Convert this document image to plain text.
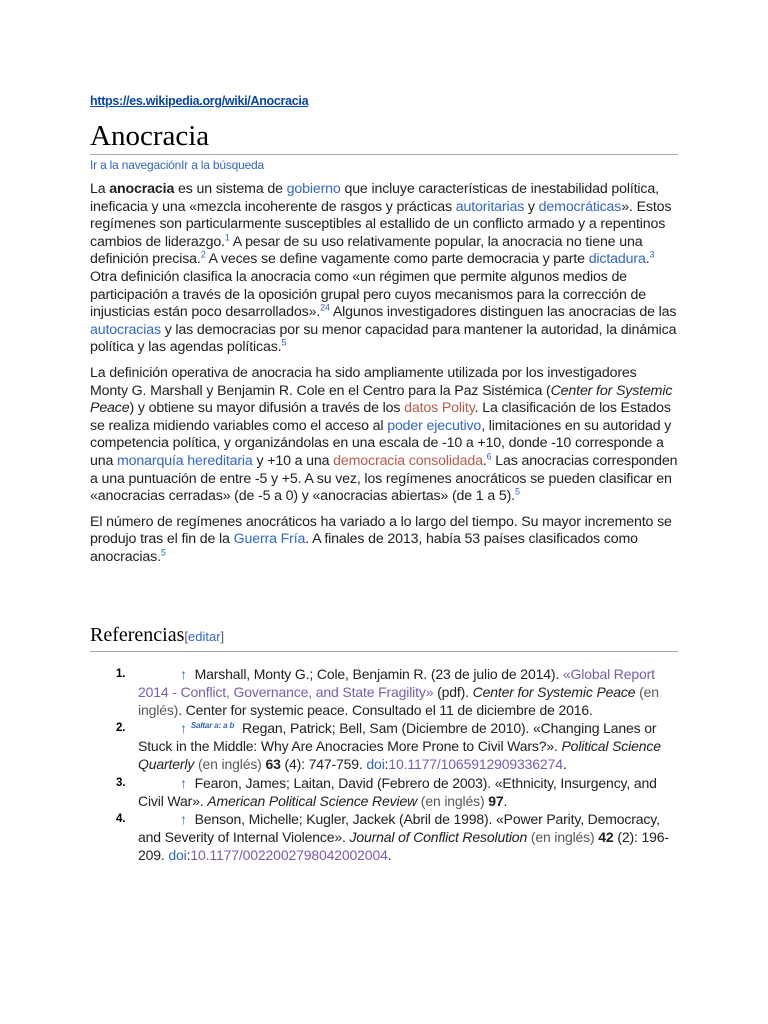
https://es.wikipedia.org/wiki/Anocracia
Anocracia
Ir a la navegaciónIr a la búsqueda

La anocracia es un sistema de gobierno que incluye características de inestabilidad política, ineficacia y una «mezcla incoherente de rasgos y prácticas autoritarias y democráticas». Estos regímenes son particularmente susceptibles al estallido de un conflicto armado y a repentinos cambios de liderazgo.$^1$ A pesar de su uso relativamente popular, la anocracia no tiene una definición precisa.$^2$ A veces se define vagamente como parte democracia y parte dictadura.$^3$ Otra definición clasifica la anocracia como «un régimen que permite algunos medios de participación a través de la oposición grupal pero cuyos mecanismos para la corrección de injusticias están poco desarrollados».$^{24}$ Algunos investigadores distinguen las anocracias de las autocracias y las democracias por su menor capacidad para mantener la autoridad, la dinámica política y las agendas políticas.$^5$

La definición operativa de anocracia ha sido ampliamente utilizada por los investigadores Monty G. Marshall y Benjamin R. Cole en el Centro para la Paz Sistémica (Center for Systemic Peace) y obtiene su mayor difusión a través de los datos Polity. La clasificación de los Estados se realiza midiendo variables como el acceso al poder ejecutivo, limitaciones en su autoridad y competencia política, y organizándolas en una escala de -10 a +10, donde -10 corresponde a una monarquía hereditaria y +10 a una democracia consolidada.$^6$ Las anocracias corresponden a una puntuación de entre -5 y +5. A su vez, los regímenes anocráticos se pueden clasificar en «anocracias cerradas» (de -5 a 0) y «anocracias abiertas» (de 1 a 5).$^5$

El número de regímenes anocráticos ha variado a lo largo del tiempo. Su mayor incremento se produjo tras el fin de la Guerra Fría. A finales de 2013, había 53 países clasificados como anocracias.$^5$

Referencias[editar]
1.	↑ Marshall, Monty G.; Cole, Benjamin R. (23 de julio de 2014). «Global Report 2014 - Conflict, Governance, and State Fragility» (pdf). Center for Systemic Peace (en inglés). Center for systemic peace. Consultado el 11 de diciembre de 2016.
2.	↑ $^{Saltar a: a b}$ Regan, Patrick; Bell, Sam (Diciembre de 2010). «Changing Lanes or Stuck in the Middle: Why Are Anocracies More Prone to Civil Wars?». Political Science Quarterly (en inglés) 63 (4): 747-759. doi:10.1177/1065912909336274.
3.	↑ Fearon, James; Laitan, David (Febrero de 2003). «Ethnicity, Insurgency, and Civil War». American Political Science Review (en inglés) 97.
4.	↑ Benson, Michelle; Kugler, Jackek (Abril de 1998). «Power Parity, Democracy, and Severity of Internal Violence». Journal of Conflict Resolution (en inglés) 42 (2): 196-209. doi:10.1177/0022002798042002004.
